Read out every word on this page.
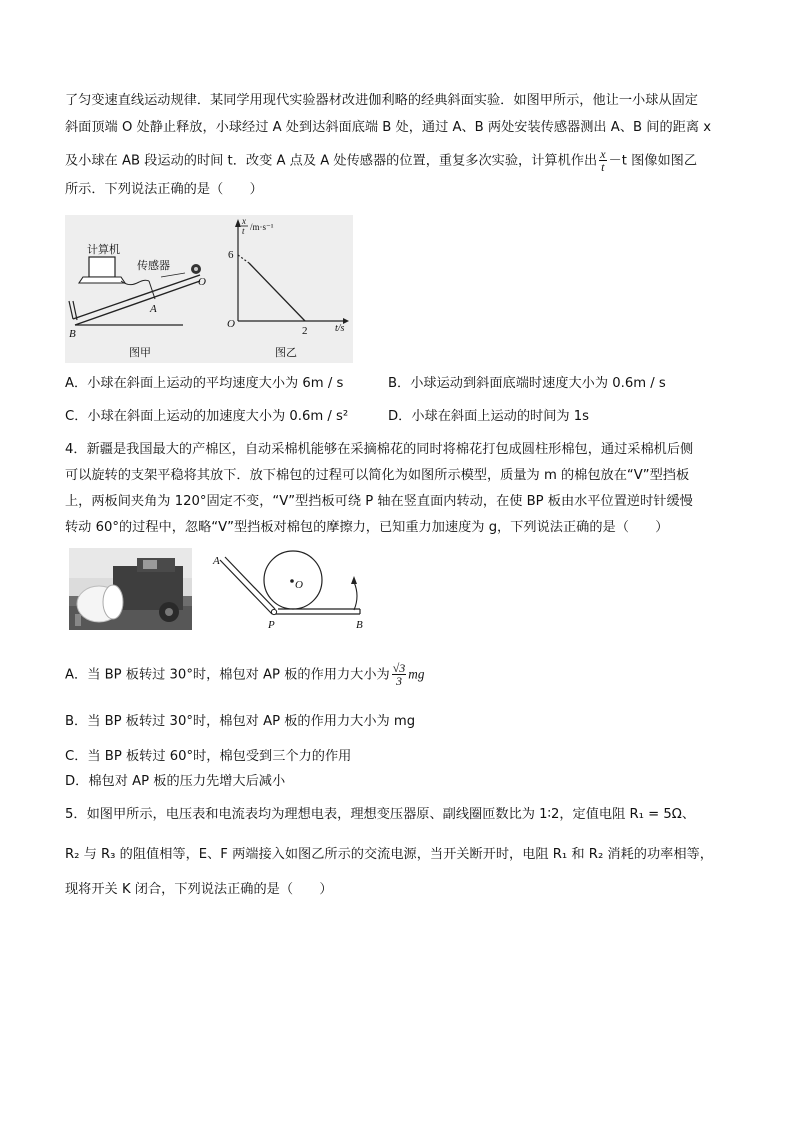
了匀变速直线运动规律．某同学用现代实验器材改进伽利略的经典斜面实验．如图甲所示，他让一小球从固定
斜面顶端 O 处静止释放，小球经过 A 处到达斜面底端 B 处，通过 A、B 两处安装传感器测出 A、B 间的距离 x
及小球在 AB 段运动的时间 t．改变 A 点及 A 处传感器的位置，重复多次实验，计算机作出 $\frac{x}{t} -t$ 图像如图乙
所示．下列说法正确的是（　　）
计算机
传感器
O
A
B
图甲
x
t /m·s⁻¹
6
O
2	t/s
图乙
A．小球在斜面上运动的平均速度大小为 6m / s	B．小球运动到斜面底端时速度大小为 0.6m / s
C．小球在斜面上运动的加速度大小为 0.6m / s²	D．小球在斜面上运动的时间为 1s
4．新疆是我国最大的产棉区，自动采棉机能够在采摘棉花的同时将棉花打包成圆柱形棉包，通过采棉机后侧
可以旋转的支架平稳将其放下．放下棉包的过程可以简化为如图所示模型，质量为 m 的棉包放在“V”型挡板
上，两板间夹角为 120°固定不变，“V”型挡板可绕 P 轴在竖直面内转动，在使 BP 板由水平位置逆时针缓慢
转动 60°的过程中，忽略“V”型挡板对棉包的摩擦力，已知重力加速度为 g，下列说法正确的是（　　）
A
O
P	B
A．当 BP 板转过 30°时，棉包对 AP 板的作用力大小为 $\frac{√3}{3}$ mg
B．当 BP 板转过 30°时，棉包对 AP 板的作用力大小为 mg
C．当 BP 板转过 60°时，棉包受到三个力的作用
D．棉包对 AP 板的压力先增大后减小
5．如图甲所示，电压表和电流表均为理想电表，理想变压器原、副线圈匝数比为 1∶2，定值电阻 R₁ = 5Ω、
R₂ 与 R₃ 的阻值相等，E、F 两端接入如图乙所示的交流电源，当开关断开时，电阻 R₁ 和 R₂ 消耗的功率相等，
现将开关 K 闭合，下列说法正确的是（　　）
